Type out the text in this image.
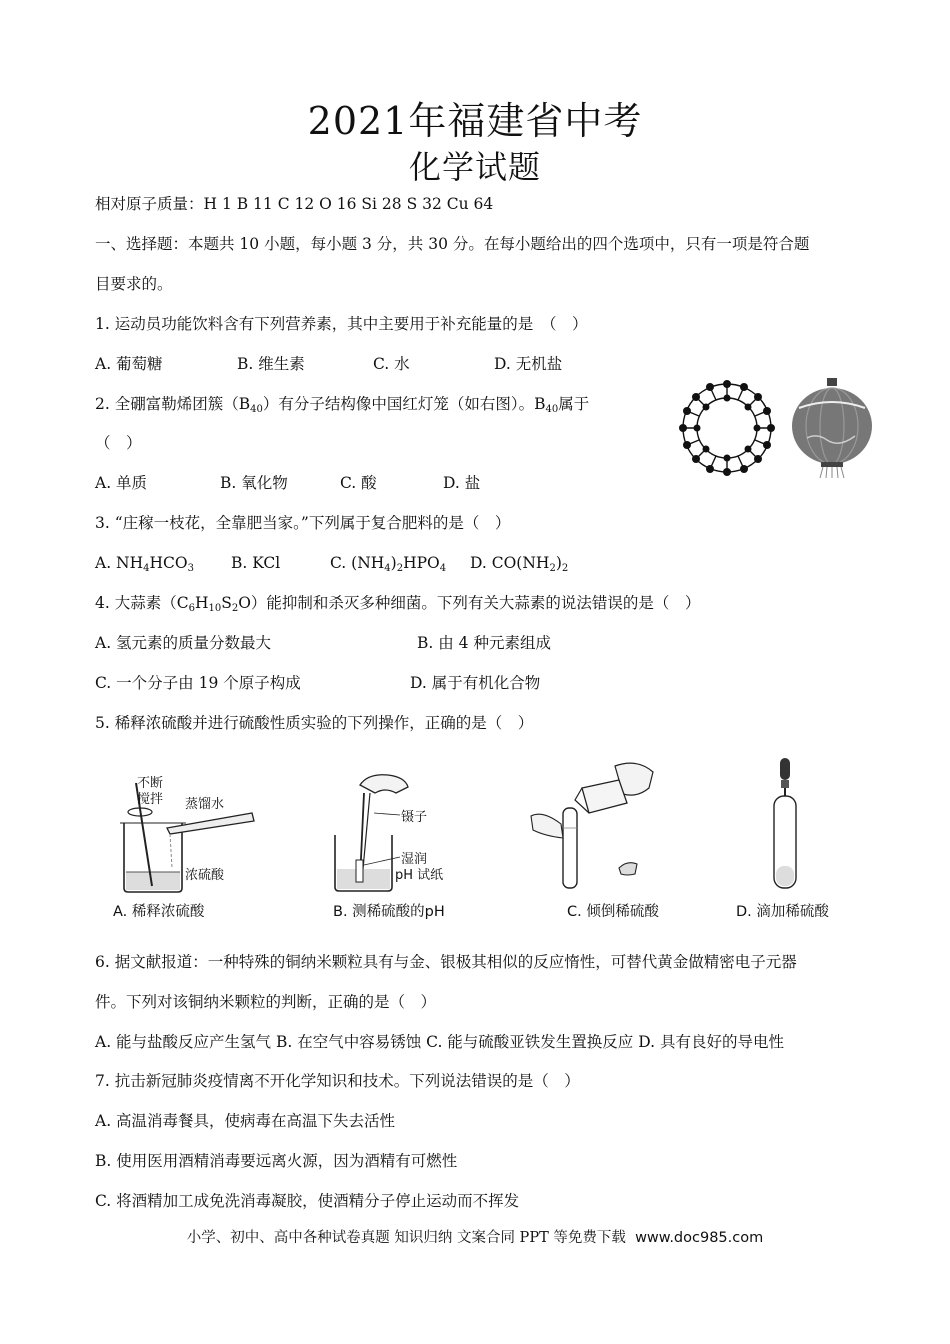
2021年福建省中考
化学试题
相对原子质量：H 1 B 11 C 12 O 16 Si 28 S 32 Cu 64
一、选择题：本题共 10 小题，每小题 3 分，共 30 分。在每小题给出的四个选项中，只有一项是符合题
目要求的。
1. 运动员功能饮料含有下列营养素，其中主要用于补充能量的是　（　）
A. 葡萄糖	B. 维生素	C. 水	D. 无机盐
2. 全硼富勒烯团簇$(B_{40})$有分子结构像中国红灯笼（如右图）。$B_{40}$属于
（　）
A. 单质	B. 氧化物	C. 酸	D. 盐
3. “庄稼一枝花，全靠肥当家。”下列属于复合肥料的是（　）
A. $NH_4HCO_3$ B. KCl	C. $(NH_4)_2HPO_4$ D. $CO(NH_2)_2$
4. 大蒜素$(C_6H_{10}S_2O)$能抑制和杀灭多种细菌。下列有关大蒜素的说法错误的是（　）
A. 氢元素的质量分数最大	B. 由 4 种元素组成
C. 一个分子由 19 个原子构成	D. 属于有机化合物
5. 稀释浓硫酸并进行硫酸性质实验的下列操作，正确的是（　）
不断
搅拌 蒸馏水
浓硫酸
A. 稀释浓硫酸
镊子
湿润
pH 试纸
B. 测稀硫酸的pH	C. 倾倒稀硫酸	D. 滴加稀硫酸
6. 据文献报道：一种特殊的铜纳米颗粒具有与金、银极其相似的反应惰性，可替代黄金做精密电子元器
件。下列对该铜纳米颗粒的判断，正确的是（　）
A. 能与盐酸反应产生氢气 B. 在空气中容易锈蚀 C. 能与硫酸亚铁发生置换反应 D. 具有良好的导电性
7. 抗击新冠肺炎疫情离不开化学知识和技术。下列说法错误的是（　）
A. 高温消毒餐具，使病毒在高温下失去活性
B. 使用医用酒精消毒要远离火源，因为酒精有可燃性
C. 将酒精加工成免洗消毒凝胶，使酒精分子停止运动而不挥发
小学、初中、高中各种试卷真题 知识归纳 文案合同 PPT 等免费下载 www.doc985.com
